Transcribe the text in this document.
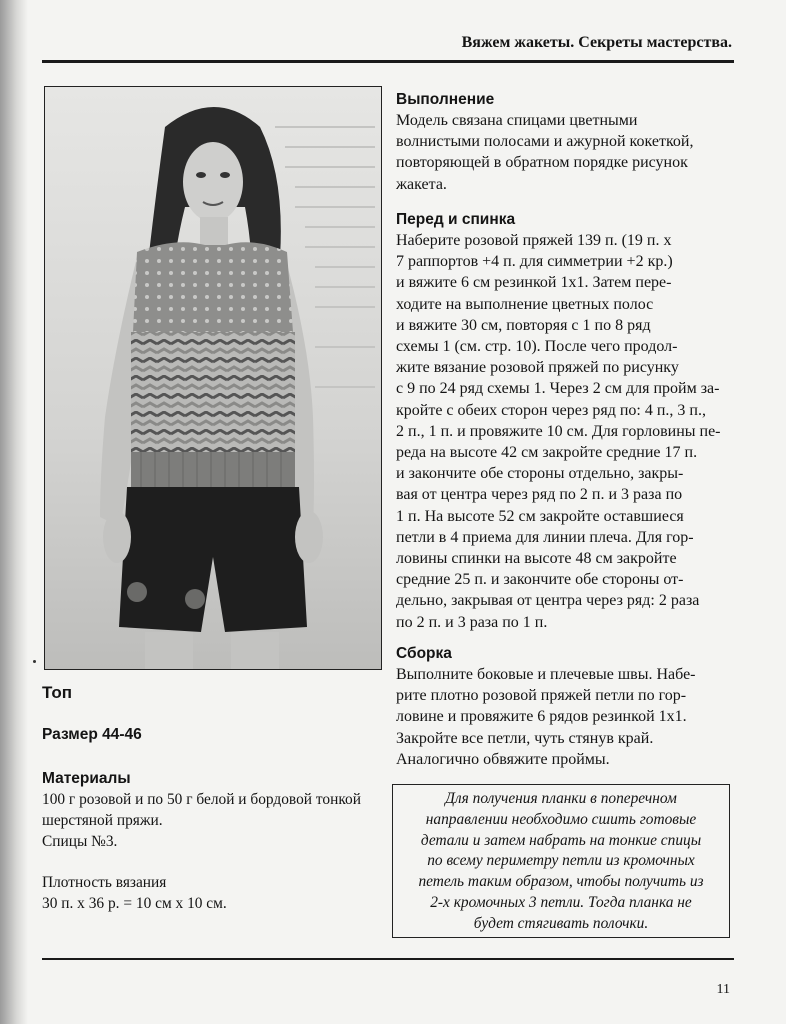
Вяжем жакеты. Секреты мастерства.
Топ
Размер 44-46
Материалы
100 г розовой и по 50 г белой и бордовой тонкой шерстяной пряжи.
Спицы №3.
Плотность вязания
30 п. х 36 р. = 10 см х 10 см.
Выполнение
Модель связана спицами цветными
волнистыми полосами и ажурной кокеткой,
повторяющей в обратном порядке рисунок
жакета.
Перед и спинка
Наберите розовой пряжей 139 п. (19 п. х
7 раппортов +4 п. для симметрии +2 кр.)
и вяжите 6 см резинкой 1х1. Затем пере-
ходите на выполнение цветных полос
и вяжите 30 см, повторяя с 1 по 8 ряд
схемы 1 (см. стр. 10). После чего продол-
жите вязание розовой пряжей по рисунку
с 9 по 24 ряд схемы 1. Через 2 см для пройм за-
кройте с обеих сторон через ряд по: 4 п., 3 п.,
2 п., 1 п. и провяжите 10 см. Для горловины пе-
редa на высоте 42 см закройте средние 17 п.
и закончите обе стороны отдельно, закры-
вая от центра через ряд по 2 п. и 3 раза по
1 п. На высоте 52 см закройте оставшиеся
петли в 4 приема для линии плеча. Для гор-
ловины спинки на высоте 48 см закройте
средние 25 п. и закончите обе стороны от-
дельно, закрывая от центра через ряд: 2 раза
по 2 п. и 3 раза по 1 п.
Сборка
Выполните боковые и плечевые швы. Набе-
рите плотно розовой пряжей петли по гор-
ловине и провяжите 6 рядов резинкой 1х1.
Закройте все петли, чуть стянув край.
Аналогично обвяжите проймы.
Для получения планки в поперечном
направлении необходимо сшить готовые
детали и затем набрать на тонкие спицы
по всему периметру петли из кромочных
петель таким образом, чтобы получить из
2-х кромочных 3 петли. Тогда планка не
будет стягивать полочки.
11
